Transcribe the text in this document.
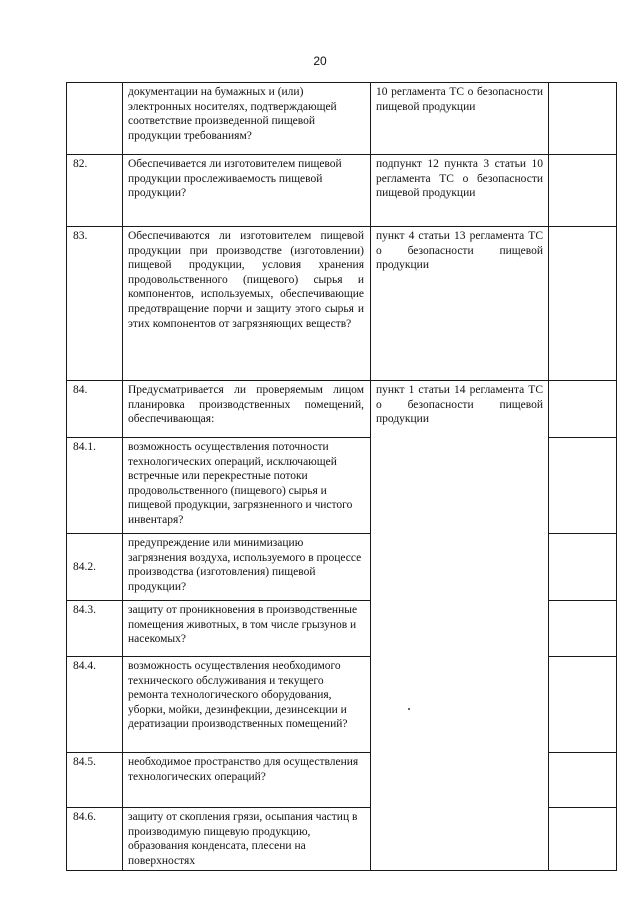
20
	документации на бумажных и (или) электронных носителях, подтверждающей соответствие произведенной пищевой продукции требованиям?	10 регламента ТС о безопасности пищевой продукции	
82.	Обеспечивается ли изготовителем пищевой продукции прослеживаемость пищевой продукции?	подпункт 12 пункта 3 статьи 10 регламента ТС о безопасности пищевой продукции	
83.	Обеспечиваются ли изготовителем пищевой продукции при производстве (изготовлении) пищевой продукции, условия хранения продовольственного (пищевого) сырья и компонентов, используемых, обеспечивающие предотвращение порчи и защиту этого сырья и этих компонентов от загрязняющих веществ?	пункт 4 статьи 13 регламента ТС о безопасности пищевой продукции	
84.	Предусматривается ли проверяемым лицом планировка производственных помещений, обеспечивающая:	пункт 1 статьи 14 регламента ТС о безопасности пищевой продукции	
84.1.	возможность осуществления поточности технологических операций, исключающей встречные или перекрестные потоки продовольственного (пищевого) сырья и пищевой продукции, загрязненного и чистого инвентаря?		
84.2.	предупреждение или минимизацию загрязнения воздуха, используемого в процессе производства (изготовления) пищевой продукции?		
84.3.	защиту от проникновения в производственные помещения животных, в том числе грызунов и насекомых?		
84.4.	возможность осуществления необходимого технического обслуживания и текущего ремонта технологического оборудования, уборки, мойки, дезинфекции, дезинсекции и дератизации производственных помещений?		
84.5.	необходимое пространство для осуществления технологических операций?		
84.6.	защиту от скопления грязи, осыпания частиц в производимую пищевую продукцию, образования конденсата, плесени на поверхностях		
